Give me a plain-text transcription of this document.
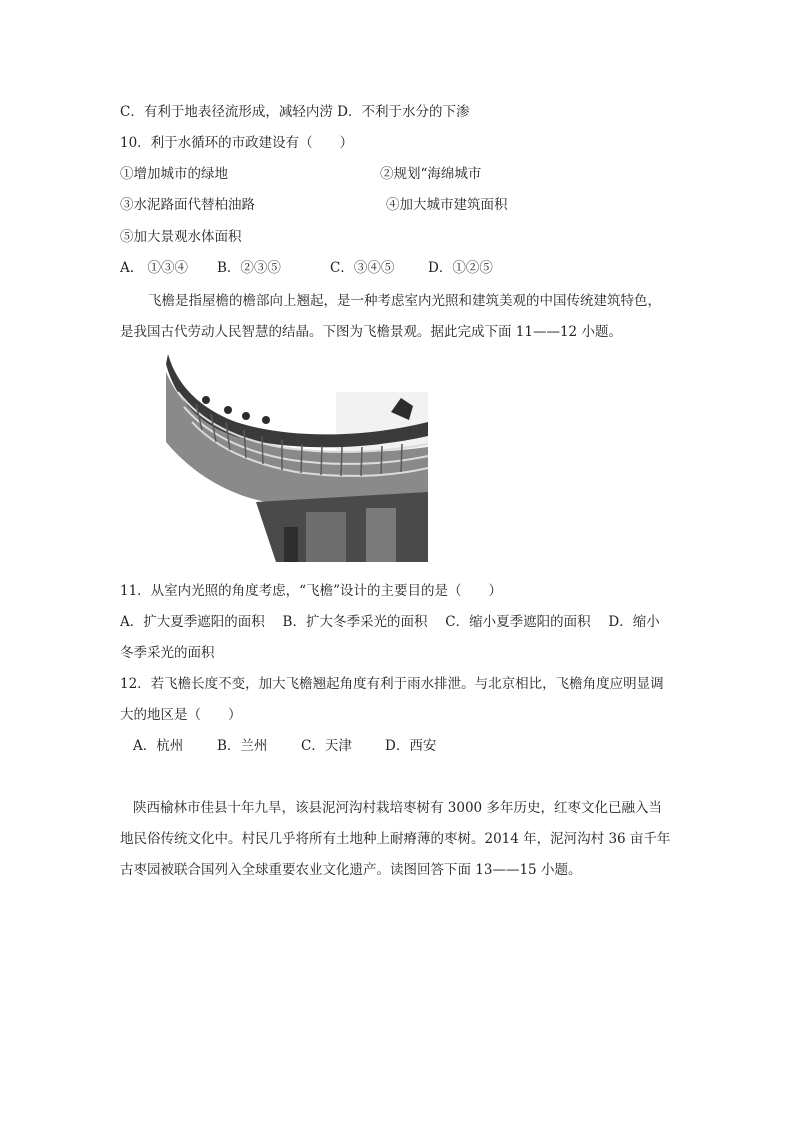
C．有利于地表径流形成，减轻内涝 D．不利于水分的下渗
10．利于水循环的市政建设有（　　）
①增加城市的绿地	②规划“海绵城市
③水泥路面代替柏油路	④加大城市建筑面积
⑤加大景观水体面积
A.　①③④ B．②③⑤	C．③④⑤ D．①②⑤
飞檐是指屋檐的檐部向上翘起，是一种考虑室内光照和建筑美观的中国传统建筑特色，
是我国古代劳动人民智慧的结晶。下图为飞檐景观。据此完成下面 11——12 小题。
11．从室内光照的角度考虑，“飞檐”设计的主要目的是（　　）
A．扩大夏季遮阳的面积　 B．扩大冬季采光的面积　 C．缩小夏季遮阳的面积　 D．缩小
冬季采光的面积
12．若飞檐长度不变，加大飞檐翘起角度有利于雨水排泄。与北京相比，飞檐角度应明显调
大的地区是（　　）
A．杭州	B．兰州 C．天津 D．西安
陕西榆林市佳县十年九旱，该县泥河沟村栽培枣树有 3000 多年历史，红枣文化已融入当
地民俗传统文化中。村民几乎将所有土地种上耐瘠薄的枣树。2014 年，泥河沟村 36 亩千年
古枣园被联合国列入全球重要农业文化遗产。读图回答下面 13——15 小题。
